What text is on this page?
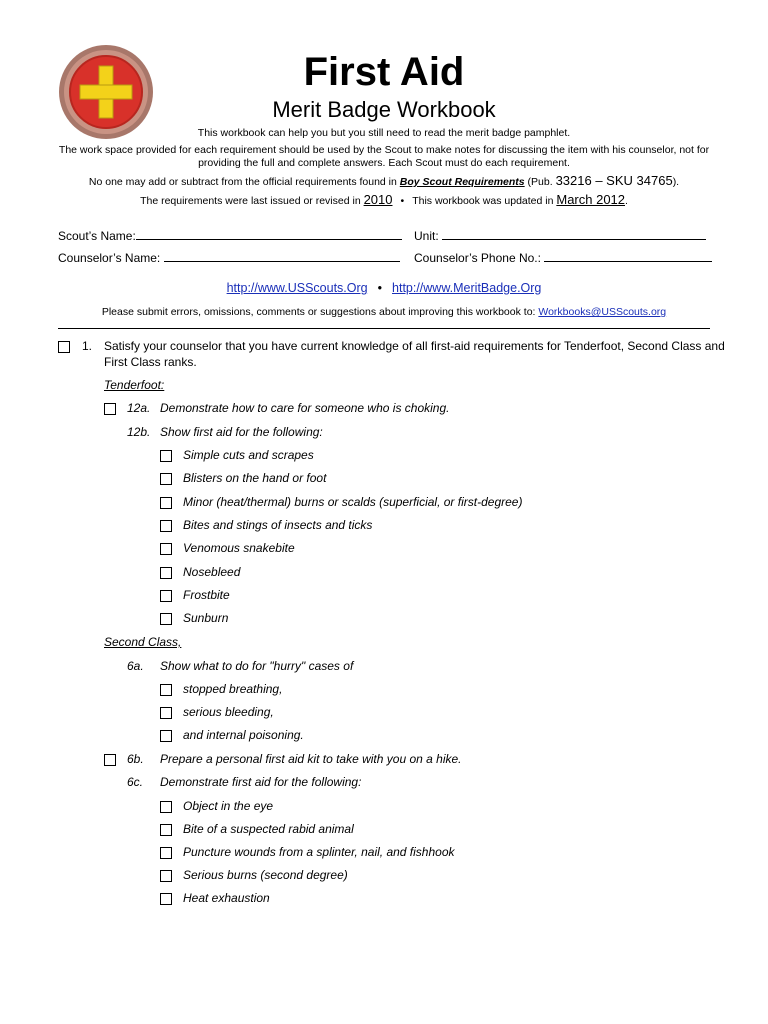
First Aid
Merit Badge Workbook

This workbook can help you but you still need to read the merit badge pamphlet.

The work space provided for each requirement should be used by the Scout to make notes for discussing the item with his counselor, not for providing the full and complete answers. Each Scout must do each requirement.

No one may add or subtract from the official requirements found in Boy Scout Requirements (Pub. 33216 – SKU 34765).

The requirements were last issued or revised in 2010 • This workbook was updated in March 2012.

Scout’s Name:	Unit:
Counselor’s Name:	Counselor’s Phone No.:
http://www.USScouts.Org • http://www.MeritBadge.Org
Please submit errors, omissions, comments or suggestions about improving this workbook to: Workbooks@USScouts.org
1. Satisfy your counselor that you have current knowledge of all first-aid requirements for Tenderfoot, Second Class and
First Class ranks.
Tenderfoot:
12a. Demonstrate how to care for someone who is choking.
12b. Show first aid for the following:
Simple cuts and scrapes
Blisters on the hand or foot
Minor (heat/thermal) burns or scalds (superficial, or first-degree)
Bites and stings of insects and ticks
Venomous snakebite
Nosebleed
Frostbite
Sunburn
Second Class,
6a. Show what to do for "hurry" cases of
stopped breathing,
serious bleeding,
and internal poisoning.
6b. Prepare a personal first aid kit to take with you on a hike.
6c. Demonstrate first aid for the following:
Object in the eye
Bite of a suspected rabid animal
Puncture wounds from a splinter, nail, and fishhook
Serious burns (second degree)
Heat exhaustion
